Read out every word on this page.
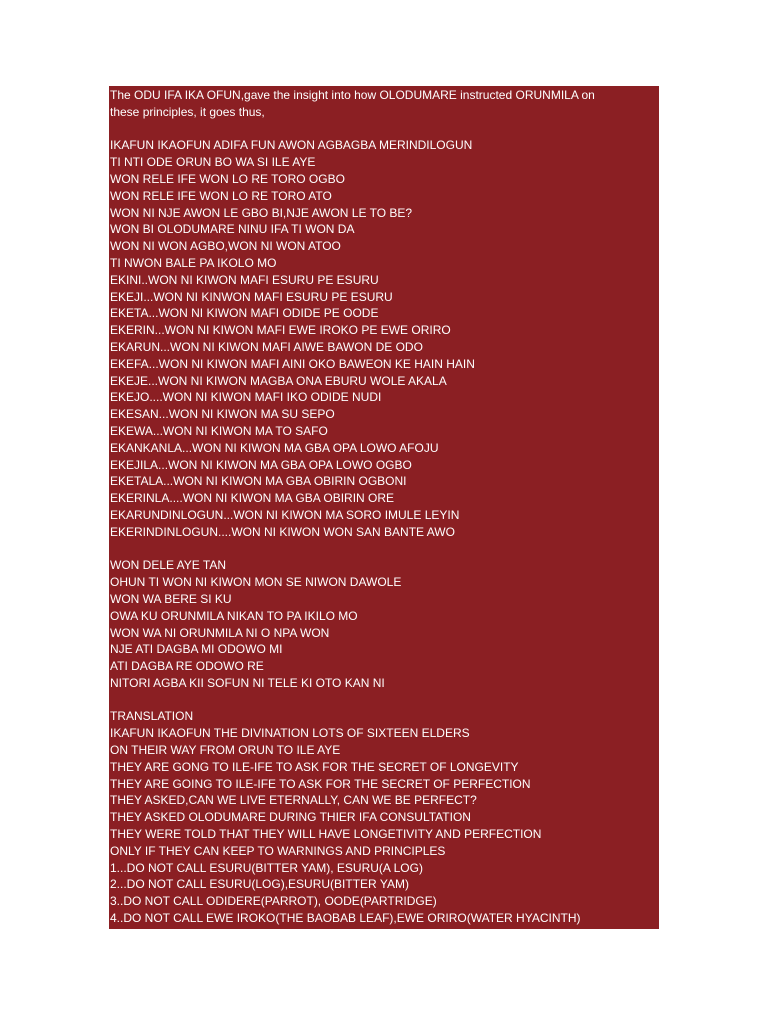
The ODU IFA IKA OFUN,gave the insight into how OLODUMARE instructed ORUNMILA on
these principles, it goes thus,
IKAFUN IKAOFUN ADIFA FUN AWON AGBAGBA MERINDILOGUN
TI NTI ODE ORUN BO WA SI ILE AYE
WON RELE IFE WON LO RE TORO OGBO
WON RELE IFE WON LO RE TORO ATO
WON NI NJE AWON LE GBO BI,NJE AWON LE TO BE?
WON BI OLODUMARE NINU IFA TI WON DA
WON NI WON AGBO,WON NI WON ATOO
TI NWON BALE PA IKOLO MO
EKINI..WON NI KIWON MAFI ESURU PE ESURU
EKEJI...WON NI KINWON MAFI ESURU PE ESURU
EKETA...WON NI KIWON MAFI ODIDE PE OODE
EKERIN...WON NI KIWON MAFI EWE IROKO PE EWE ORIRO
EKARUN...WON NI KIWON MAFI AIWE BAWON DE ODO
EKEFA...WON NI KIWON MAFI AINI OKO BAWEON KE HAIN HAIN
EKEJE...WON NI KIWON MAGBA ONA EBURU WOLE AKALA
EKEJO....WON NI KIWON MAFI IKO ODIDE NUDI
EKESAN...WON NI KIWON MA SU SEPO
EKEWA...WON NI KIWON MA TO SAFO
EKANKANLA...WON NI KIWON MA GBA OPA LOWO AFOJU
EKEJILA...WON NI KIWON MA GBA OPA LOWO OGBO
EKETALA...WON NI KIWON MA GBA OBIRIN OGBONI
EKERINLA....WON NI KIWON MA GBA OBIRIN ORE
EKARUNDINLOGUN...WON NI KIWON MA SORO IMULE LEYIN
EKERINDINLOGUN....WON NI KIWON WON SAN BANTE AWO
WON DELE AYE TAN
OHUN TI WON NI KIWON MON SE NIWON DAWOLE
WON WA BERE SI KU
OWA KU ORUNMILA NIKAN TO PA IKILO MO
WON WA NI ORUNMILA NI O NPA WON
NJE ATI DAGBA MI ODOWO MI
ATI DAGBA RE ODOWO RE
NITORI AGBA KII SOFUN NI TELE KI OTO KAN NI
TRANSLATION
IKAFUN IKAOFUN THE DIVINATION LOTS OF SIXTEEN ELDERS
ON THEIR WAY FROM ORUN TO ILE AYE
THEY ARE GONG TO ILE-IFE TO ASK FOR THE SECRET OF LONGEVITY
THEY ARE GOING TO ILE-IFE TO ASK FOR THE SECRET OF PERFECTION
THEY ASKED,CAN WE LIVE ETERNALLY, CAN WE BE PERFECT?
THEY ASKED OLODUMARE DURING THIER IFA CONSULTATION
THEY WERE TOLD THAT THEY WILL HAVE LONGETIVITY AND PERFECTION
ONLY IF THEY CAN KEEP TO WARNINGS AND PRINCIPLES
1...DO NOT CALL ESURU(BITTER YAM), ESURU(A LOG)
2...DO NOT CALL ESURU(LOG),ESURU(BITTER YAM)
3..DO NOT CALL ODIDERE(PARROT), OODE(PARTRIDGE)
4..DO NOT CALL EWE IROKO(THE BAOBAB LEAF),EWE ORIRO(WATER HYACINTH)
